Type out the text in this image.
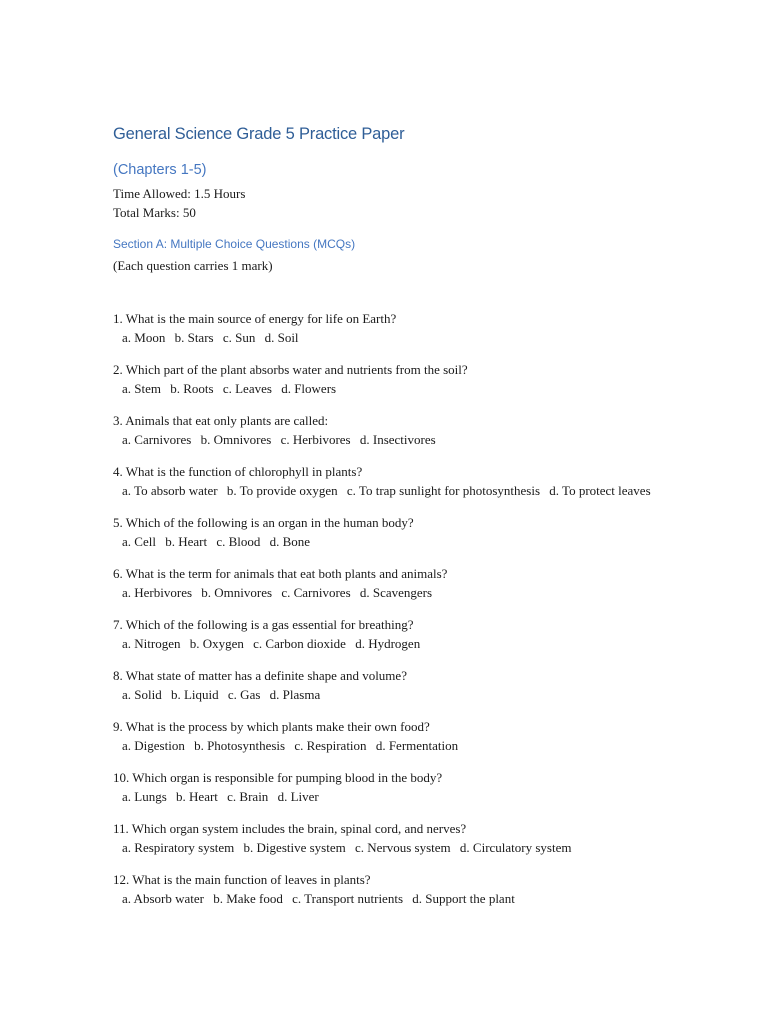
General Science Grade 5 Practice Paper
(Chapters 1-5)
Time Allowed: 1.5 Hours
Total Marks: 50
Section A: Multiple Choice Questions (MCQs)
(Each question carries 1 mark)
1. What is the main source of energy for life on Earth?
a. Moon b. Stars c. Sun d. Soil
2. Which part of the plant absorbs water and nutrients from the soil?
a. Stem b. Roots c. Leaves d. Flowers
3. Animals that eat only plants are called:
a. Carnivores b. Omnivores c. Herbivores d. Insectivores
4. What is the function of chlorophyll in plants?
a. To absorb water b. To provide oxygen c. To trap sunlight for photosynthesis d. To protect leaves
5. Which of the following is an organ in the human body?
a. Cell b. Heart c. Blood d. Bone
6. What is the term for animals that eat both plants and animals?
a. Herbivores b. Omnivores c. Carnivores d. Scavengers
7. Which of the following is a gas essential for breathing?
a. Nitrogen b. Oxygen c. Carbon dioxide d. Hydrogen
8. What state of matter has a definite shape and volume?
a. Solid b. Liquid c. Gas d. Plasma
9. What is the process by which plants make their own food?
a. Digestion b. Photosynthesis c. Respiration d. Fermentation
10. Which organ is responsible for pumping blood in the body?
a. Lungs b. Heart c. Brain d. Liver
11. Which organ system includes the brain, spinal cord, and nerves?
a. Respiratory system b. Digestive system c. Nervous system d. Circulatory system
12. What is the main function of leaves in plants?
a. Absorb water b. Make food c. Transport nutrients d. Support the plant
